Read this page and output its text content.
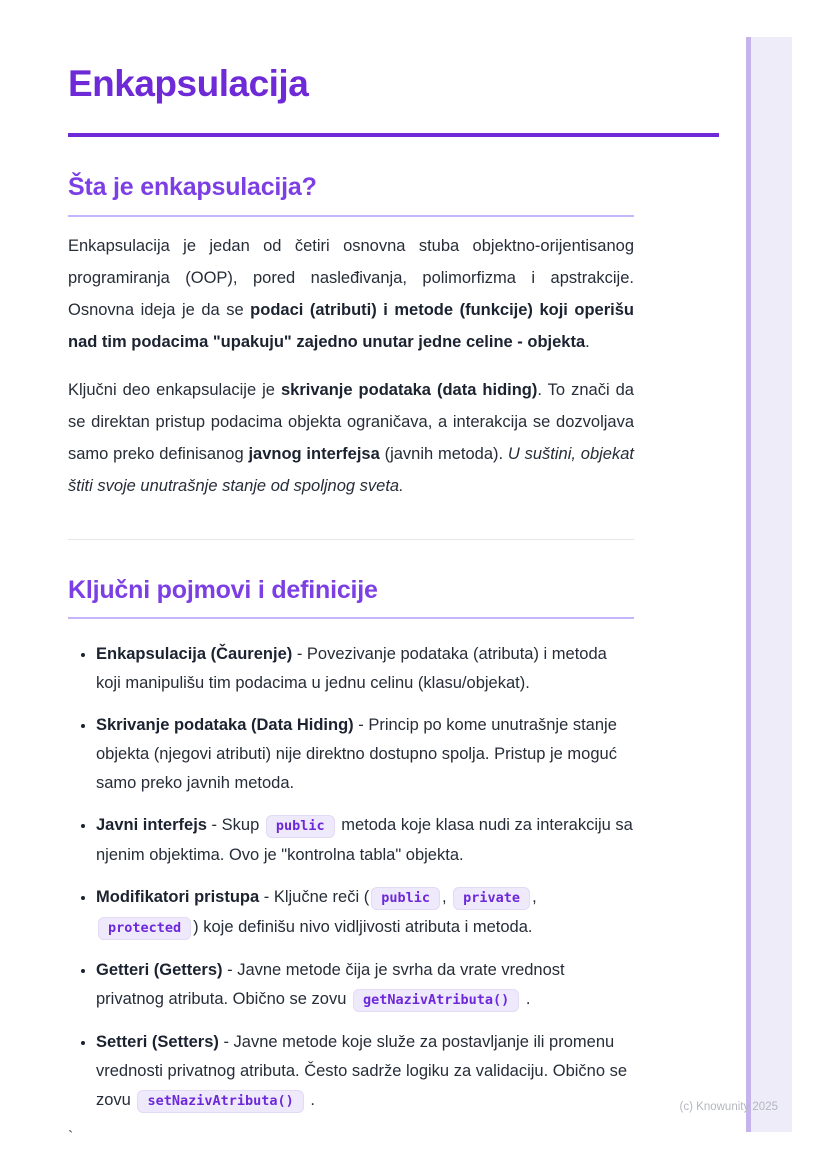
Enkapsulacija
Šta je enkapsulacija?

Enkapsulacija je jedan od četiri osnovna stuba objektno-orijentisanog programiranja (OOP), pored nasleđivanja, polimorfizma i apstrakcije. Osnovna ideja je da se podaci (atributi) i metode (funkcije) koji operišu nad tim podacima "upakuju" zajedno unutar jedne celine - objekta.

Ključni deo enkapsulacije je skrivanje podataka (data hiding). To znači da se direktan pristup podacima objekta ograničava, a interakcija se dozvoljava samo preko definisanog javnog interfejsa (javnih metoda). U suštini, objekat štiti svoje unutrašnje stanje od spoljnog sveta.

Ključni pojmovi i definicije
• Enkapsulacija (Čaurenje) - Povezivanje podataka (atributa) i metoda koji manipulišu tim podacima u jednu celinu (klasu/objekat).
• Skrivanje podataka (Data Hiding) - Princip po kome unutrašnje stanje objekta (njegovi atributi) nije direktno dostupno spolja. Pristup je moguć samo preko javnih metoda.
• Javni interfejs - Skup public metoda koje klasa nudi za interakciju sa njenim objektima. Ovo je "kontrolna tabla" objekta.
• Modifikatori pristupa - Ključne reči ( public , private , protected ) koje definišu nivo vidljivosti atributa i metoda.
• Getteri (Getters) - Javne metode čija je svrha da vrate vrednost privatnog atributa. Obično se zovu getNazivAtributa() .
• Setteri (Setters) - Javne metode koje služe za postavljanje ili promenu vrednosti privatnog atributa. Često sadrže logiku za validaciju. Obično se zovu setNazivAtributa() .
`
(c) Knowunity 2025
